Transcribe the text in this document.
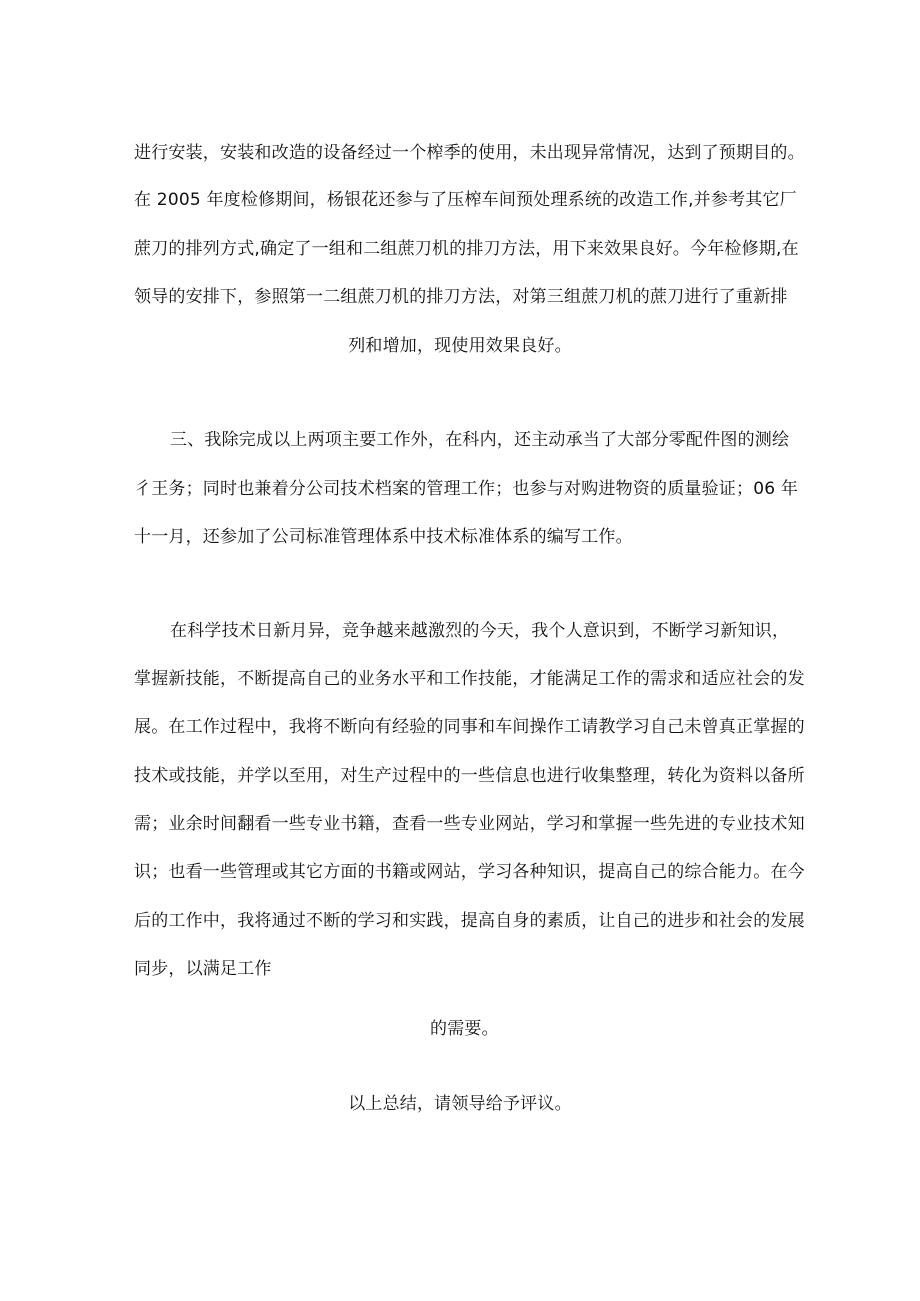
进行安装，安装和改造的设备经过一个榨季的使用，未出现异常情况，达到了预期目的。
在 2005 年度检修期间，杨银花还参与了压榨车间预处理系统的改造工作,并参考其它厂
蔗刀的排列方式,确定了一组和二组蔗刀机的排刀方法，用下来效果良好。今年检修期,在
领导的安排下，参照第一二组蔗刀机的排刀方法，对第三组蔗刀机的蔗刀进行了重新排
列和增加，现使用效果良好。
三、我除完成以上两项主要工作外，在科内，还主动承当了大部分零配件图的测绘
彳王务；同时也兼着分公司技术档案的管理工作；也参与对购进物资的质量验证；06 年
十一月，还参加了公司标准管理体系中技术标准体系的编写工作。
在科学技术日新月异，竞争越来越激烈的今天，我个人意识到，不断学习新知识，
掌握新技能，不断提高自己的业务水平和工作技能，才能满足工作的需求和适应社会的发
展。在工作过程中，我将不断向有经验的同事和车间操作工请教学习自己未曾真正掌握的
技术或技能，并学以至用，对生产过程中的一些信息也进行收集整理，转化为资料以备所
需；业余时间翻看一些专业书籍，查看一些专业网站，学习和掌握一些先进的专业技术知
识；也看一些管理或其它方面的书籍或网站，学习各种知识，提高自己的综合能力。在今
后的工作中，我将通过不断的学习和实践，提高自身的素质，让自己的进步和社会的发展
同步，以满足工作
的需要。
以上总结，请领导给予评议。
